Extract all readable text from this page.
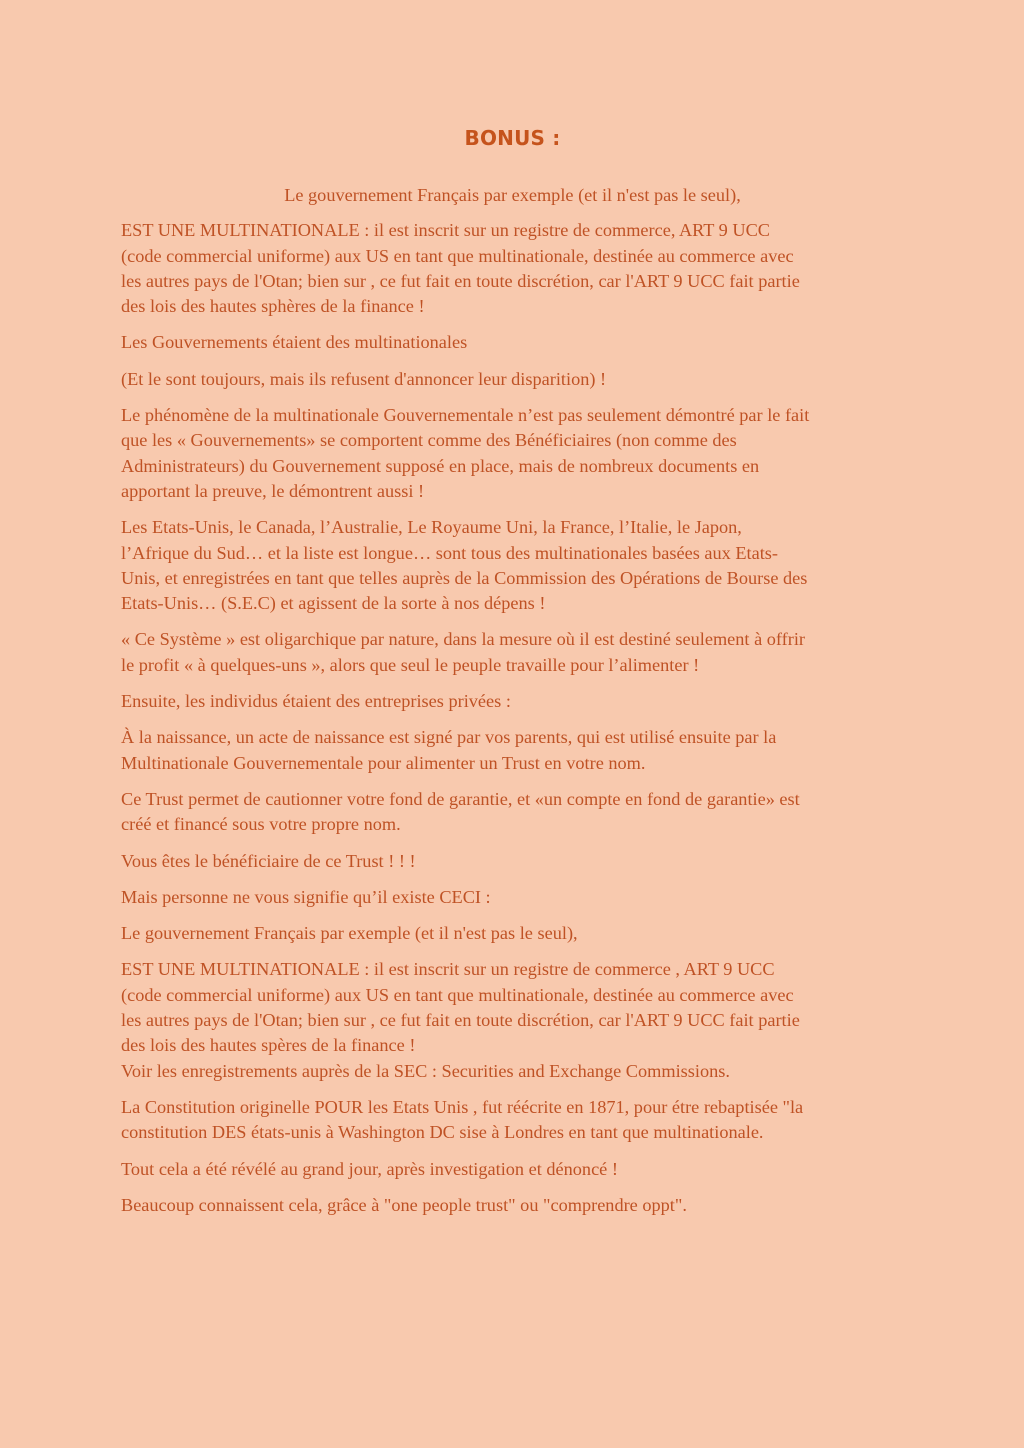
BONUS :

Le gouvernement Français par exemple (et il n'est pas le seul),

EST UNE MULTINATIONALE : il est inscrit sur un registre de commerce, ART 9 UCC
(code commercial uniforme) aux US en tant que multinationale, destinée au commerce avec
les autres pays de l'Otan; bien sur , ce fut fait en toute discrétion, car l'ART 9 UCC fait partie
des lois des hautes sphères de la finance !

Les Gouvernements étaient des multinationales

(Et le sont toujours, mais ils refusent d'annoncer leur disparition) !

Le phénomène de la multinationale Gouvernementale n’est pas seulement démontré par le fait
que les « Gouvernements» se comportent comme des Bénéficiaires (non comme des
Administrateurs) du Gouvernement supposé en place, mais de nombreux documents en
apportant la preuve, le démontrent aussi !

Les Etats-Unis, le Canada, l’Australie, Le Royaume Uni, la France, l’Italie, le Japon,
l’Afrique du Sud… et la liste est longue… sont tous des multinationales basées aux Etats-
Unis, et enregistrées en tant que telles auprès de la Commission des Opérations de Bourse des
Etats-Unis… (S.E.C) et agissent de la sorte à nos dépens !

« Ce Système » est oligarchique par nature, dans la mesure où il est destiné seulement à offrir
le profit « à quelques-uns », alors que seul le peuple travaille pour l’alimenter !

Ensuite, les individus étaient des entreprises privées :

À la naissance, un acte de naissance est signé par vos parents, qui est utilisé ensuite par la
Multinationale Gouvernementale pour alimenter un Trust en votre nom.

Ce Trust permet de cautionner votre fond de garantie, et «un compte en fond de garantie» est
créé et financé sous votre propre nom.

Vous êtes le bénéficiaire de ce Trust ! ! !

Mais personne ne vous signifie qu’il existe CECI :

Le gouvernement Français par exemple (et il n'est pas le seul),

EST UNE MULTINATIONALE : il est inscrit sur un registre de commerce , ART 9 UCC
(code commercial uniforme) aux US en tant que multinationale, destinée au commerce avec
les autres pays de l'Otan; bien sur , ce fut fait en toute discrétion, car l'ART 9 UCC fait partie
des lois des hautes spères de la finance !

Voir les enregistrements auprès de la SEC : Securities and Exchange Commissions.

La Constitution originelle POUR les Etats Unis , fut réécrite en 1871, pour étre rebaptisée "la
constitution DES états-unis à Washington DC sise à Londres en tant que multinationale.

Tout cela a été révélé au grand jour, après investigation et dénoncé !

Beaucoup connaissent cela, grâce à "one people trust" ou "comprendre oppt".
